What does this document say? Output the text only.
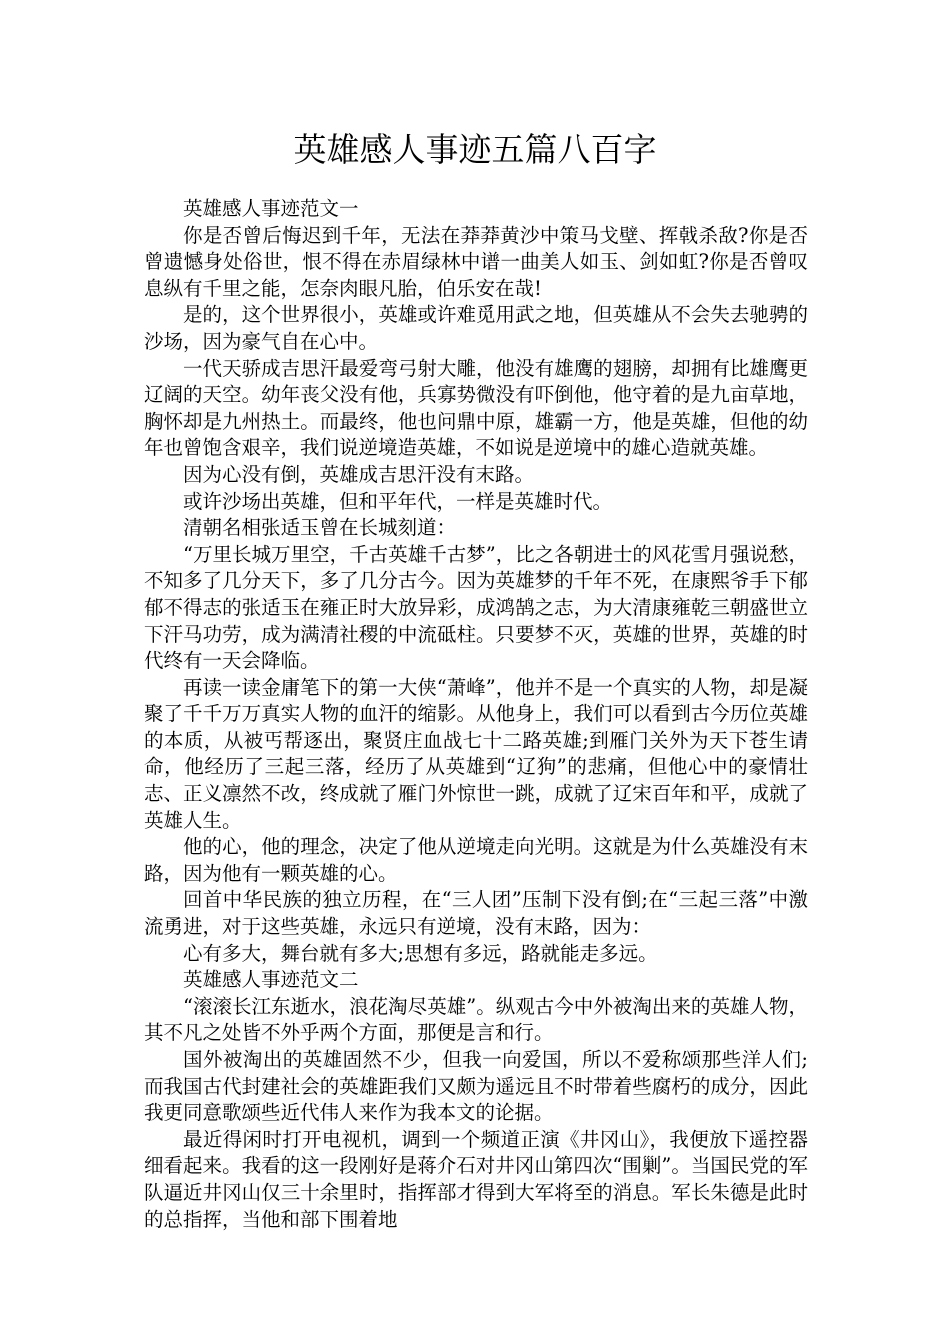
英雄感人事迹五篇八百字

英雄感人事迹范文一

你是否曾后悔迟到千年，无法在莽莽黄沙中策马戈壁、挥戟杀敌?你是否曾遗憾身处俗世，恨不得在赤眉绿林中谱一曲美人如玉、剑如虹?你是否曾叹息纵有千里之能，怎奈肉眼凡胎，伯乐安在哉!

是的，这个世界很小，英雄或许难觅用武之地，但英雄从不会失去驰骋的沙场，因为豪气自在心中。

一代天骄成吉思汗最爱弯弓射大雕，他没有雄鹰的翅膀，却拥有比雄鹰更辽阔的天空。幼年丧父没有他，兵寡势微没有吓倒他，他守着的是九亩草地，胸怀却是九州热土。而最终，他也问鼎中原，雄霸一方，他是英雄，但他的幼年也曾饱含艰辛，我们说逆境造英雄，不如说是逆境中的雄心造就英雄。

因为心没有倒，英雄成吉思汗没有末路。

或许沙场出英雄，但和平年代，一样是英雄时代。

清朝名相张适玉曾在长城刻道：

“万里长城万里空，千古英雄千古梦”，比之各朝进士的风花雪月强说愁，不知多了几分天下，多了几分古今。因为英雄梦的千年不死，在康熙爷手下郁郁不得志的张适玉在雍正时大放异彩，成鸿鹄之志，为大清康雍乾三朝盛世立下汗马功劳，成为满清社稷的中流砥柱。只要梦不灭，英雄的世界，英雄的时代终有一天会降临。

再读一读金庸笔下的第一大侠“萧峰”，他并不是一个真实的人物，却是凝聚了千千万万真实人物的血汗的缩影。从他身上，我们可以看到古今历位英雄的本质，从被丐帮逐出，聚贤庄血战七十二路英雄;到雁门关外为天下苍生请命，他经历了三起三落，经历了从英雄到“辽狗”的悲痛，但他心中的豪情壮志、正义凛然不改，终成就了雁门外惊世一跳，成就了辽宋百年和平，成就了英雄人生。

他的心，他的理念，决定了他从逆境走向光明。这就是为什么英雄没有末路，因为他有一颗英雄的心。

回首中华民族的独立历程，在“三人团”压制下没有倒;在“三起三落”中激流勇进，对于这些英雄，永远只有逆境，没有末路，因为：

心有多大，舞台就有多大;思想有多远，路就能走多远。

英雄感人事迹范文二

“滚滚长江东逝水，浪花淘尽英雄”。纵观古今中外被淘出来的英雄人物，其不凡之处皆不外乎两个方面，那便是言和行。

国外被淘出的英雄固然不少，但我一向爱国，所以不爱称颂那些洋人们;而我国古代封建社会的英雄距我们又颇为遥远且不时带着些腐朽的成分，因此我更同意歌颂些近代伟人来作为我本文的论据。

最近得闲时打开电视机，调到一个频道正演《井冈山》，我便放下遥控器细看起来。我看的这一段刚好是蒋介石对井冈山第四次“围剿”。当国民党的军队逼近井冈山仅三十余里时，指挥部才得到大军将至的消息。军长朱德是此时的总指挥，当他和部下围着地
